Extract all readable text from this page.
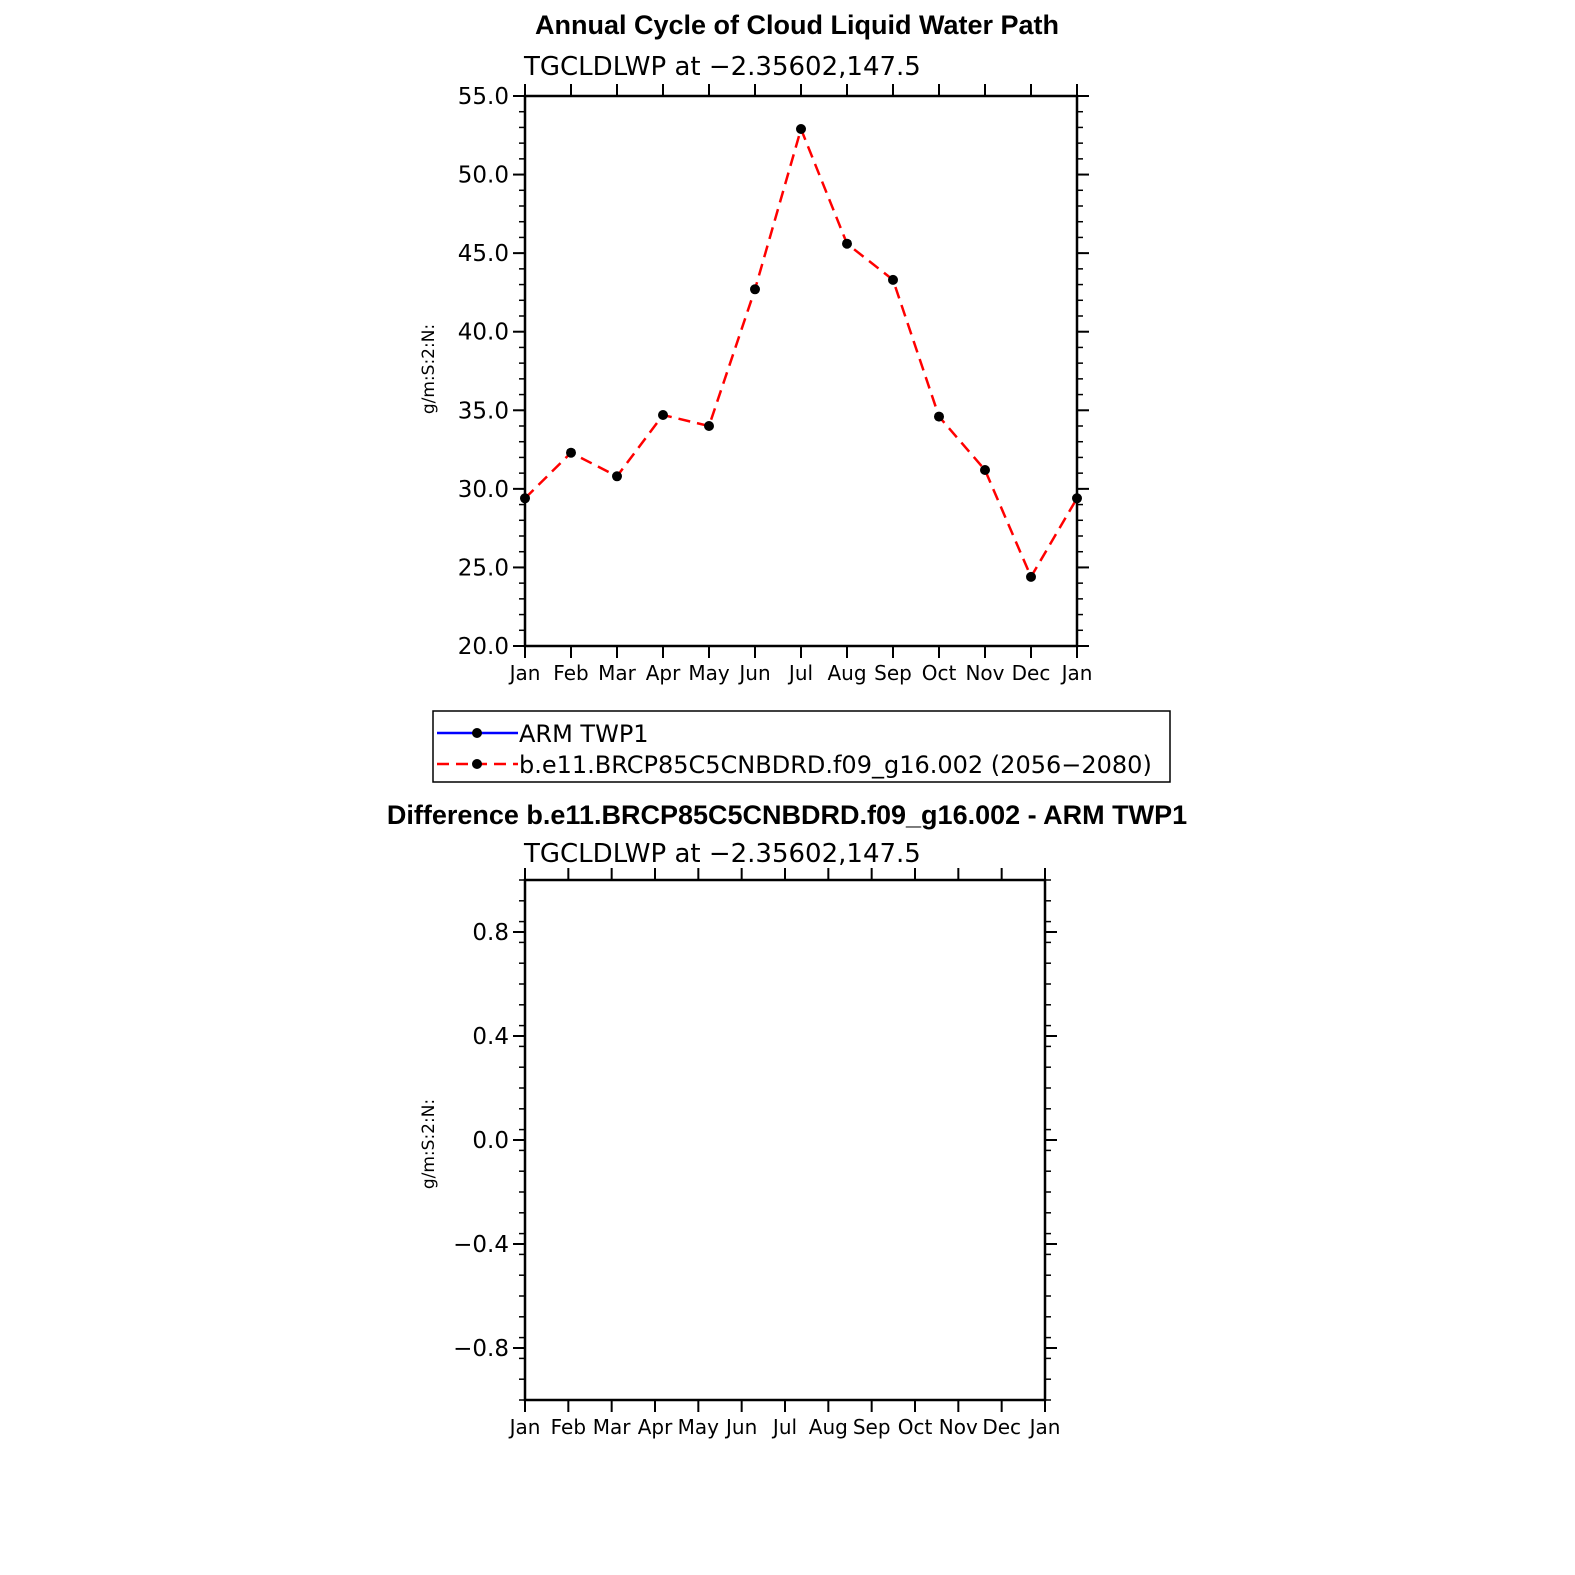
Annual Cycle of Cloud Liquid Water Path
TGCLDLWP at −2.35602,147.5
g/m:S:2:N:
20.0
25.0
30.0
35.0
40.0
45.0
50.0
55.0
Jan Feb Mar Apr May Jun Jul Aug Sep Oct Nov Dec Jan
ARM TWP1
b.e11.BRCP85C5CNBDRD.f09_g16.002 (2056−2080)
Difference b.e11.BRCP85C5CNBDRD.f09_g16.002 - ARM TWP1
TGCLDLWP at −2.35602,147.5
g/m:S:2:N:
−0.8
−0.4
0.0
0.4
0.8
Jan Feb Mar Apr May Jun Jul Aug Sep Oct Nov Dec Jan
